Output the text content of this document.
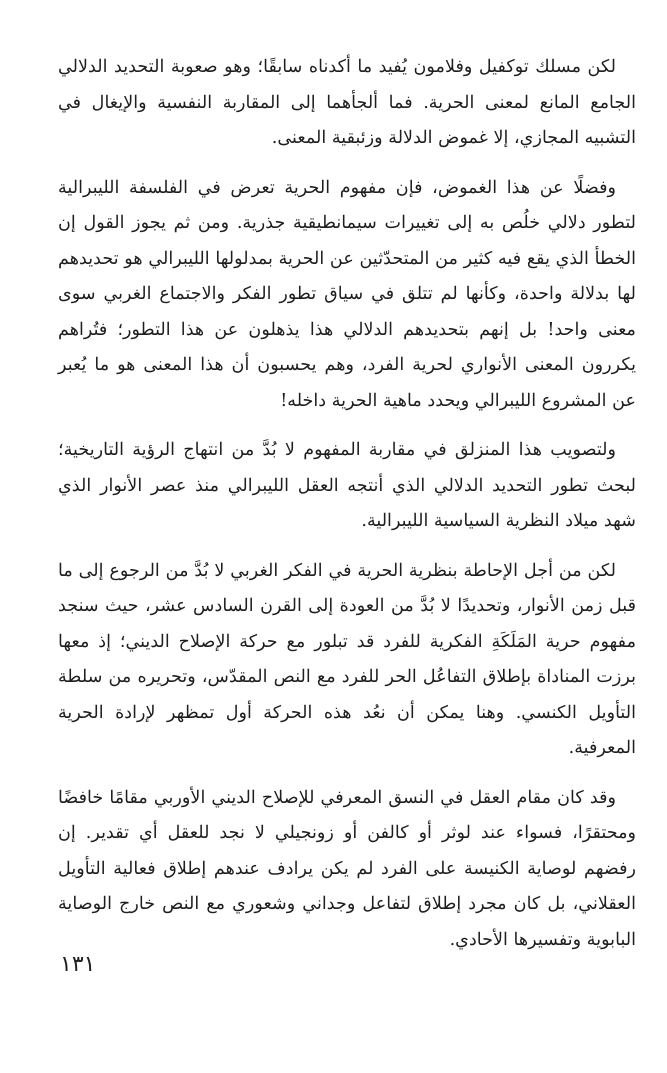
لكن مسلك توكفيل وفلامون يُفيد ما أكدناه سابقًا؛ وهو صعوبة التحديد الدلالي الجامع المانع لمعنى الحرية. فما ألجأهما إلى المقاربة النفسية والإيغال في التشبيه المجازي، إلا غموض الدلالة وزئبقية المعنى.

وفضلًا عن هذا الغموض، فإن مفهوم الحرية تعرض في الفلسفة الليبرالية لتطور دلالي خلُص به إلى تغييرات سيمانطيقية جذرية. ومن ثم يجوز القول إن الخطأ الذي يقع فيه كثير من المتحدّثين عن الحرية بمدلولها الليبرالي هو تحديدهم لها بدلالة واحدة، وكأنها لم تتلق في سياق تطور الفكر والاجتماع الغربي سوى معنى واحد! بل إنهم بتحديدهم الدلالي هذا يذهلون عن هذا التطور؛ فتُراهم يكررون المعنى الأنواري لحرية الفرد، وهم يحسبون أن هذا المعنى هو ما يُعبر عن المشروع الليبرالي ويحدد ماهية الحرية داخله!

ولتصويب هذا المنزلق في مقاربة المفهوم لا بُدَّ من انتهاج الرؤية التاريخية؛ لبحث تطور التحديد الدلالي الذي أنتجه العقل الليبرالي منذ عصر الأنوار الذي شهد ميلاد النظرية السياسية الليبرالية.

لكن من أجل الإحاطة بنظرية الحرية في الفكر الغربي لا بُدَّ من الرجوع إلى ما قبل زمن الأنوار، وتحديدًا لا بُدَّ من العودة إلى القرن السادس عشر، حيث سنجد مفهوم حرية المَلَكَةِ الفكرية للفرد قد تبلور مع حركة الإصلاح الديني؛ إذ معها برزت المناداة بإطلاق التفاعُل الحر للفرد مع النص المقدّس، وتحريره من سلطة التأويل الكنسي. وهنا يمكن أن نعُد هذه الحركة أول تمظهر لإرادة الحرية المعرفية.

وقد كان مقام العقل في النسق المعرفي للإصلاح الديني الأوربي مقامًا خافضًا ومحتقرًا، فسواء عند لوثر أو كالفن أو زونجيلي لا نجد للعقل أي تقدير. إن رفضهم لوصاية الكنيسة على الفرد لم يكن يرادف عندهم إطلاق فعالية التأويل العقلاني، بل كان مجرد إطلاق لتفاعل وجداني وشعوري مع النص خارج الوصاية البابوية وتفسيرها الأحادي.

١٣١
